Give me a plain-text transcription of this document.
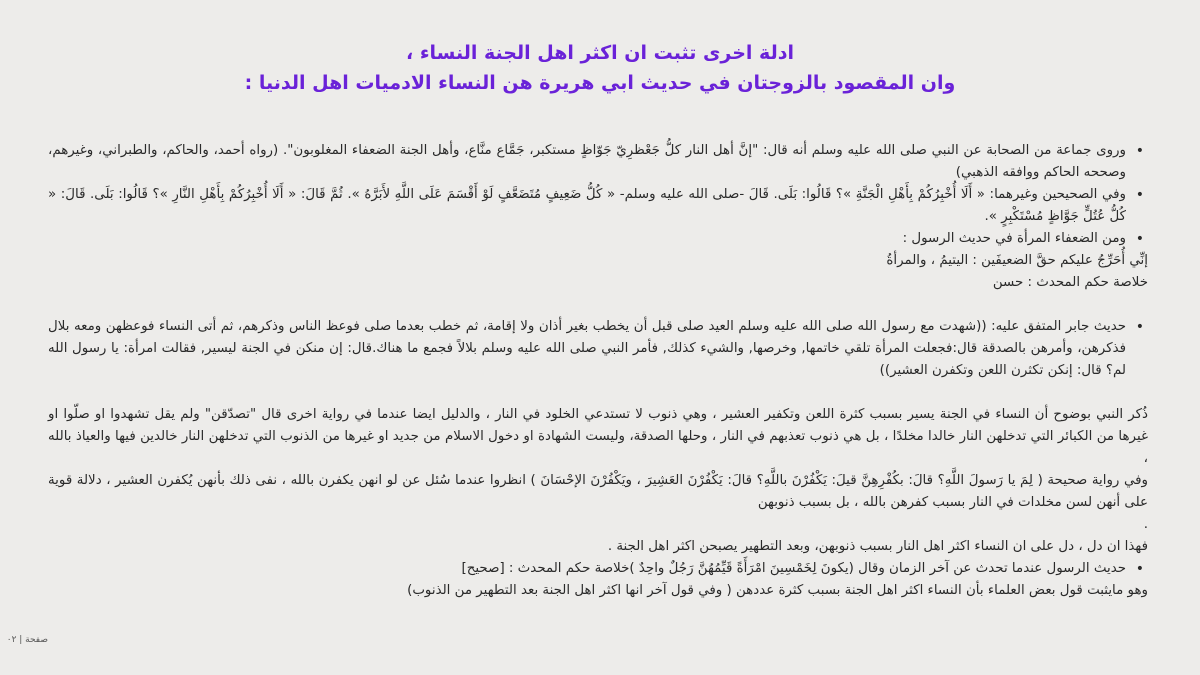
ادلة اخرى تثبت ان اكثر اهل الجنة النساء ،
وان المقصود بالزوجتان في حديث ابي هريرة هن النساء الادميات اهل الدنيا :
• وروى جماعة من الصحابة عن النبي صلى الله عليه وسلم أنه قال: "إنَّ أهل النار كلُّ جَعْظرِيّ جَوّاظٍ مستكبر، جَمَّاع منَّاع، وأهل الجنة الضعفاء المغلوبون". (رواه أحمد، والحاكم، والطبراني، وغيرهم، وصححه الحاكم ووافقه الذهبي)
• وفي الصحيحين وغيرهما: « أَلَا أُخْبِرُكُمْ بِأَهْلِ الْجَنَّةِ »؟ قَالُوا: بَلَى. قَالَ -صلى الله عليه وسلم- « كُلُّ ضَعِيفٍ مُتَضَعَّفٍ لَوْ أَقْسَمَ عَلَى اللَّهِ لأَبَرَّهُ ». ثُمَّ قَالَ: « أَلَا أُخْبِرُكُمْ بِأَهْلِ النَّارِ »؟ قَالُوا: بَلَى. قَالَ: « كُلُّ عُتُلٍّ جَوَّاظٍ مُسْتَكْبِرٍ ».
• ومن الضعفاء المرأة في حديث الرسول :
إنِّي أُحَرِّجُ عليكم حقَّ الضعيفَين : اليتيمُ ، والمرأةُ
خلاصة حكم المحدث : حسن
• حديث جابر المتفق عليه: ((شهدت مع رسول الله صلى الله عليه وسلم العيد صلى قبل أن يخطب بغير أذان ولا إقامة، ثم خطب بعدما صلى فوعظ الناس وذكرهم، ثم أتى النساء فوعظهن ومعه بلال فذكرهن، وأمرهن بالصدقة قال:فجعلت المرأة تلقي خاتمها, وخرصها, والشيء كذلك, فأمر النبي صلى الله عليه وسلم بلالاً فجمع ما هناك.قال: إن منكن في الجنة ليسير, فقالت امرأة: يا رسول الله لم؟ قال: إنكن تكثرن اللعن وتكفرن العشير))
ذُكر النبي بوضوح أن النساء في الجنة يسير بسبب كثرة اللعن وتكفير العشير ، وهي ذنوب لا تستدعي الخلود في النار ، والدليل ايضا عندما في رواية اخرى قال "تصدّقن" ولم يقل تشهدوا او صلّوا او غيرها من الكبائر التي تدخلهن النار خالدا مخلدًا ، بل هي ذنوب تعذبهم في النار ، وحلها الصدقة، وليست الشهادة او دخول الاسلام من جديد او غيرها من الذنوب التي تدخلهن النار خالدين فيها والعياذ بالله ،
وفي رواية صحيحة ( لِمَ يا رَسولَ اللَّهِ؟ قالَ: بكُفْرِهِنَّ قيلَ: يَكْفُرْنَ باللَّهِ؟ قالَ: يَكْفُرْنَ العَشِيرَ ، ويَكْفُرْنَ الإحْسَانَ ) انظروا عندما سُئل عن لو انهن يكفرن بالله ، نفى ذلك بأنهن يُكفرن العشير ، دلالة قوية على أنهن لسن مخلدات في النار بسبب كفرهن بالله ، بل بسبب ذنوبهن
.
فهذا ان دل ، دل على ان النساء اكثر اهل النار بسبب ذنوبهن، وبعد التطهير يصبحن اكثر اهل الجنة .
• حديث الرسول عندما تحدث عن آخر الزمان وقال (يكونَ لِخَمْسِينَ امْرَأَةً قَيِّمُهُنَّ رَجُلٌ واحِدٌ )خلاصة حكم المحدث : [صحيح]
وهو مايثبت قول بعض العلماء بأن النساء اكثر اهل الجنة بسبب كثرة عددهن ( وفي قول آخر انها اكثر اهل الجنة بعد التطهير من الذنوب)
صفحة | ٠٢
